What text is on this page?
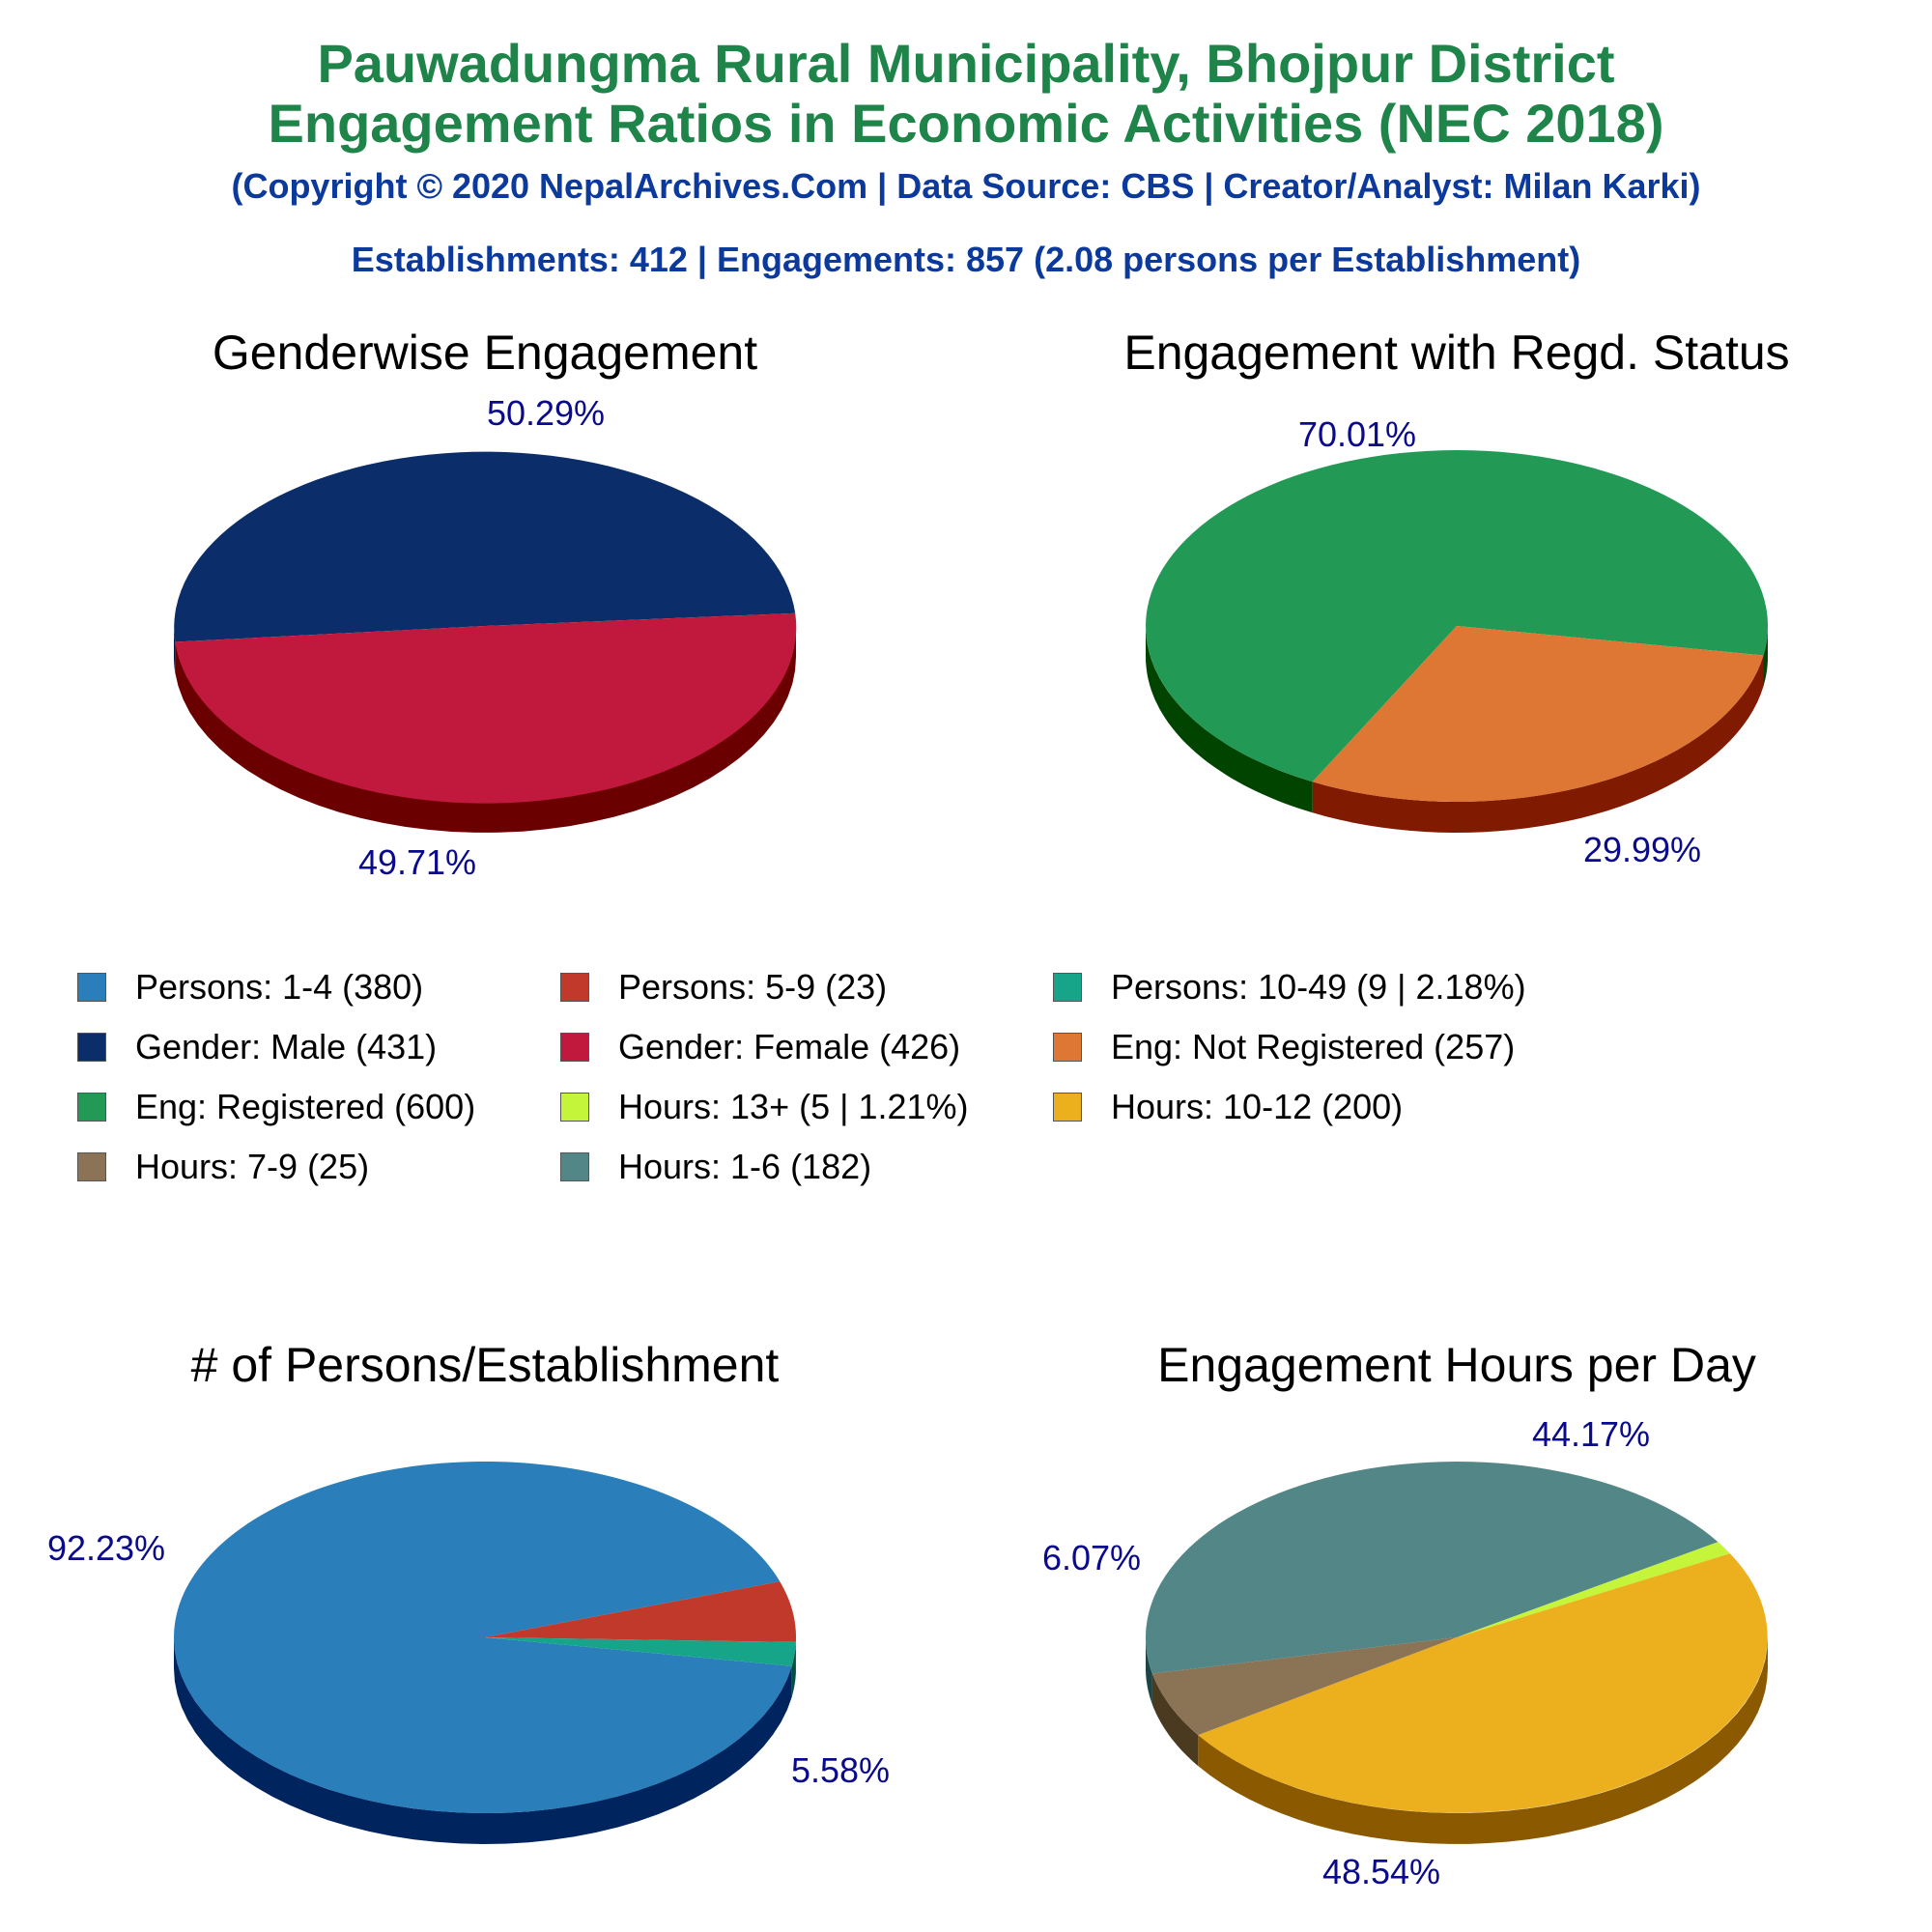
Pauwadungma Rural Municipality, Bhojpur District
Engagement Ratios in Economic Activities (NEC 2018)
(Copyright © 2020 NepalArchives.Com | Data Source: CBS | Creator/Analyst: Milan Karki)
Establishments: 412 | Engagements: 857 (2.08 persons per Establishment)
Genderwise Engagement
50.29%
49.71%
Engagement with Regd. Status
70.01%
29.99%
# of Persons/Establishment
92.23%
5.58%
Engagement Hours per Day
44.17%
48.54%
6.07%
Persons: 1-4 (380)	Persons: 5-9 (23)	Persons: 10-49 (9 | 2.18%)
Gender: Male (431)	Gender: Female (426)	Eng: Not Registered (257)
Eng: Registered (600)	Hours: 13+ (5 | 1.21%)	Hours: 10-12 (200)
Hours: 7-9 (25)	Hours: 1-6 (182)
